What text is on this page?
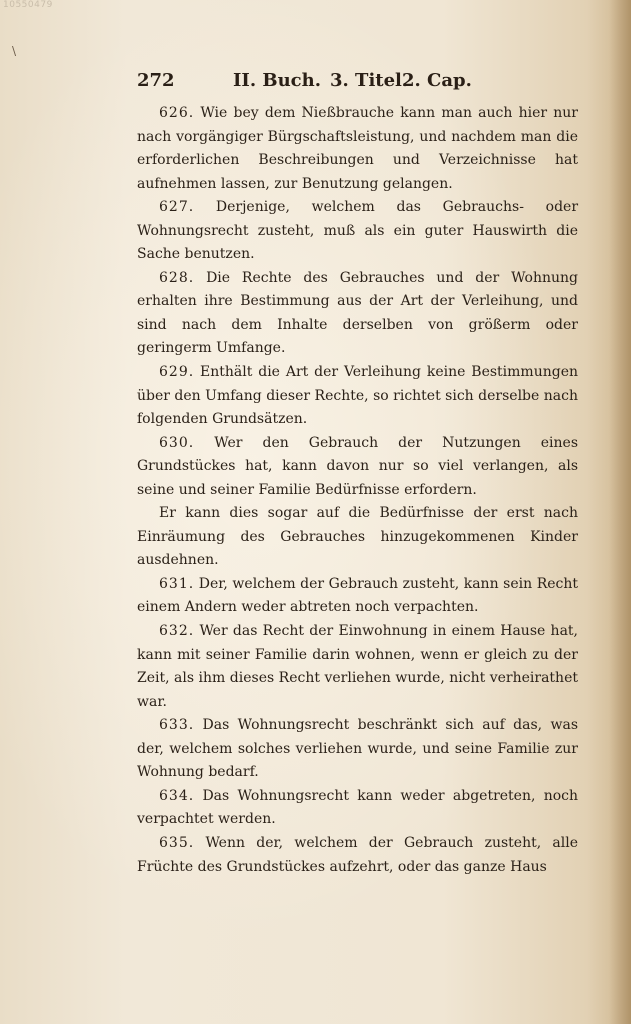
10550479
\
272	II. Buch. 3. Titel.
2. Cap.

626. Wie bey dem Nießbrauche kann man auch hier nur nach vorgängiger Bürgschaftsleistung, und nachdem man die erforderlichen Beschreibungen und Verzeichnisse hat aufnehmen lassen, zur Benutzung gelangen.

627. Derjenige, welchem das Gebrauchs- oder Wohnungsrecht zusteht, muß als ein guter Hauswirth die Sache benutzen.

628. Die Rechte des Gebrauches und der Wohnung erhalten ihre Bestimmung aus der Art der Verleihung, und sind nach dem Inhalte derselben von größerm oder geringerm Umfange.

629. Enthält die Art der Verleihung keine Bestimmungen über den Umfang dieser Rechte, so richtet sich derselbe nach folgenden Grundsätzen.

630. Wer den Gebrauch der Nutzungen eines Grundstückes hat, kann davon nur so viel verlangen, als seine und seiner Familie Bedürfnisse erfordern.

Er kann dies sogar auf die Bedürfnisse der erst nach Einräumung des Gebrauches hinzugekommenen Kinder ausdehnen.

631. Der, welchem der Gebrauch zusteht, kann sein Recht einem Andern weder abtreten noch verpachten.

632. Wer das Recht der Einwohnung in einem Hause hat, kann mit seiner Familie darin wohnen, wenn er gleich zu der Zeit, als ihm dieses Recht verliehen wurde, nicht verheirathet war.

633. Das Wohnungsrecht beschränkt sich auf das, was der, welchem solches verliehen wurde, und seine Familie zur Wohnung bedarf.

634. Das Wohnungsrecht kann weder abgetreten, noch verpachtet werden.

635. Wenn der, welchem der Gebrauch zusteht, alle Früchte des Grundstückes aufzehrt, oder das ganze Haus
